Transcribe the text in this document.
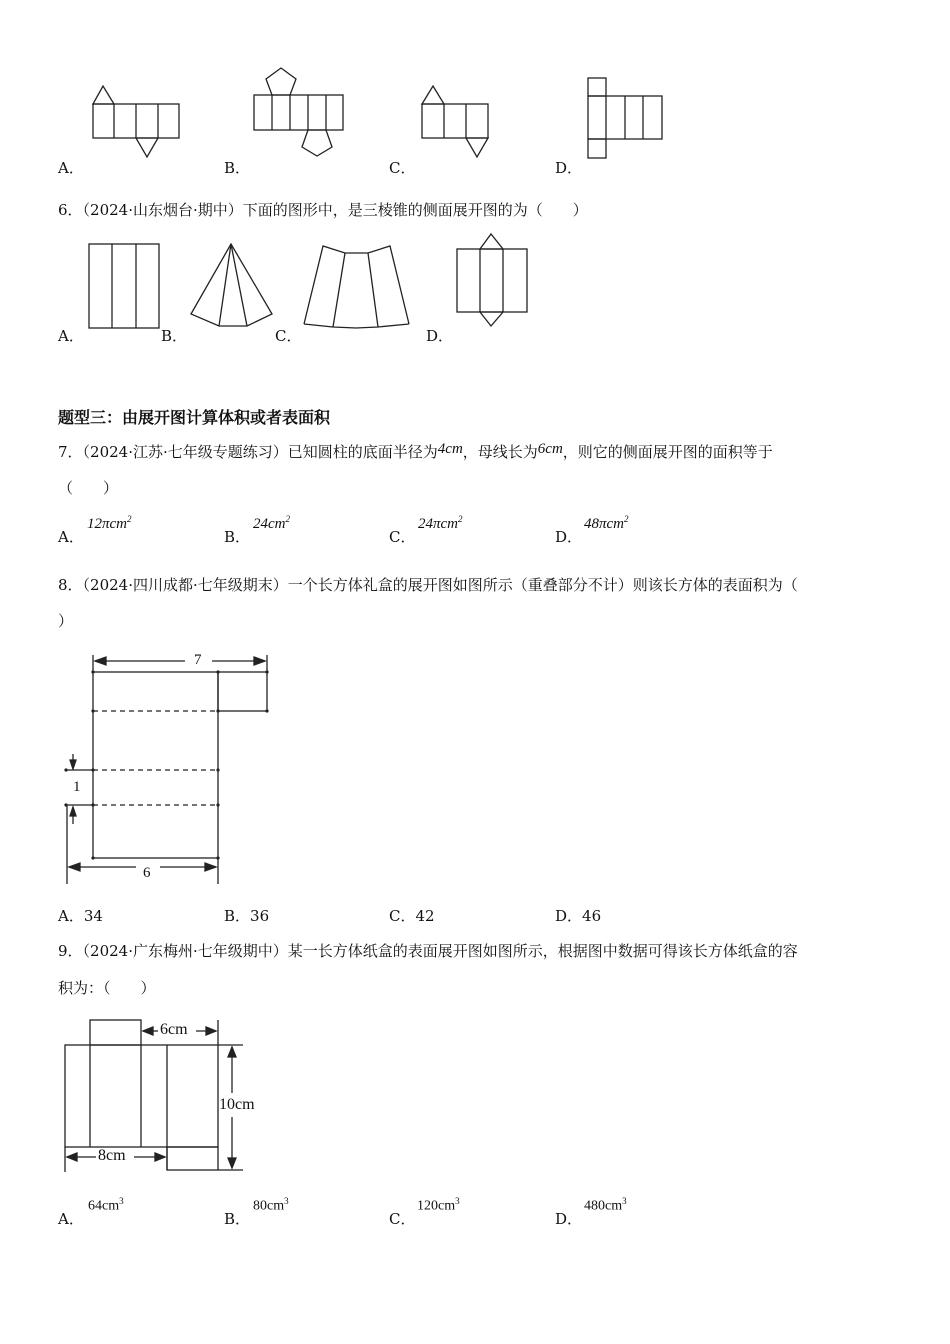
A．	B．	C．	D．
6．（2024·山东烟台·期中）下面的图形中，是三棱锥的侧面展开图的为（　　）
A．	B．	C．	D．
题型三：由展开图计算体积或者表面积
7．（2024·江苏·七年级专题练习）已知圆柱的底面半径为4cm，母线长为6cm，则它的侧面展开图的面积等于
（　　）
A．
12πcm$^2$
B．
$24cm^2$
C．
24πcm$^2$
D．
48πcm$^2$
8．（2024·四川成都·七年级期末）一个长方体礼盒的展开图如图所示（重叠部分不计）则该长方体的表面积为（
）
7
1
6
A．34	B．36	C．42	D．46
9．（2024·广东梅州·七年级期中）某一长方体纸盒的表面展开图如图所示，根据图中数据可得该长方体纸盒的容
积为：（　　）
6cm
10cm
8cm
A．
$64cm^3$
B．
$80cm^3$
C．
$120cm^3$
D．
$480cm^3$
